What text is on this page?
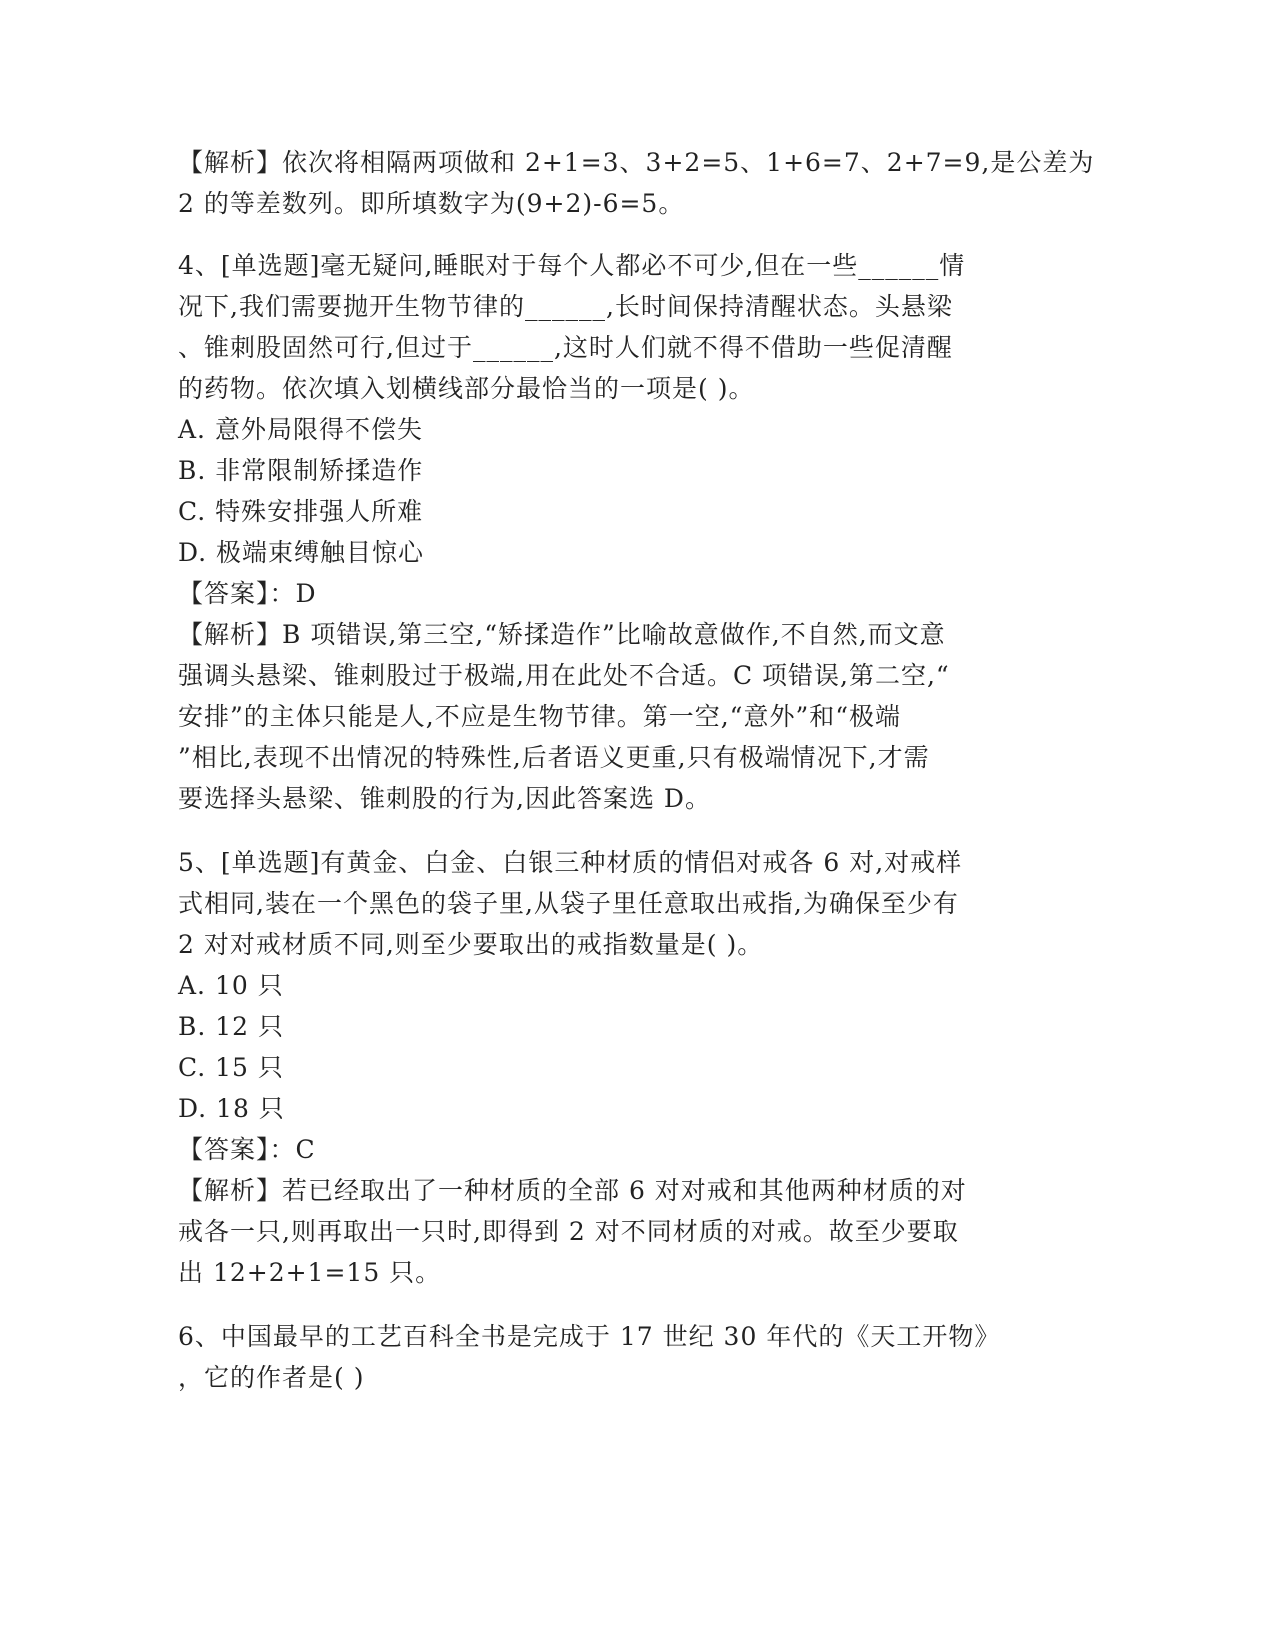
【解析】依次将相隔两项做和 2+1=3、3+2=5、1+6=7、2+7=9,是公差为
2 的等差数列。即所填数字为(9+2)-6=5。
4、[单选题]毫无疑问,睡眠对于每个人都必不可少,但在一些______情
况下,我们需要抛开生物节律的______,长时间保持清醒状态。头悬梁
、锥刺股固然可行,但过于______,这时人们就不得不借助一些促清醒
的药物。依次填入划横线部分最恰当的一项是( )。
A. 意外局限得不偿失
B. 非常限制矫揉造作
C. 特殊安排强人所难
D. 极端束缚触目惊心
【答案】：D
【解析】B 项错误,第三空,“矫揉造作”比喻故意做作,不自然,而文意
强调头悬梁、锥刺股过于极端,用在此处不合适。C 项错误,第二空,“
安排”的主体只能是人,不应是生物节律。第一空,“意外”和“极端
”相比,表现不出情况的特殊性,后者语义更重,只有极端情况下,才需
要选择头悬梁、锥刺股的行为,因此答案选 D。
5、[单选题]有黄金、白金、白银三种材质的情侣对戒各 6 对,对戒样
式相同,装在一个黑色的袋子里,从袋子里任意取出戒指,为确保至少有
2 对对戒材质不同,则至少要取出的戒指数量是( )。
A. 10 只
B. 12 只
C. 15 只
D. 18 只
【答案】：C
【解析】若已经取出了一种材质的全部 6 对对戒和其他两种材质的对
戒各一只,则再取出一只时,即得到 2 对不同材质的对戒。故至少要取
出 12+2+1=15 只。
6、中国最早的工艺百科全书是完成于 17 世纪 30 年代的《天工开物》
，它的作者是( )
